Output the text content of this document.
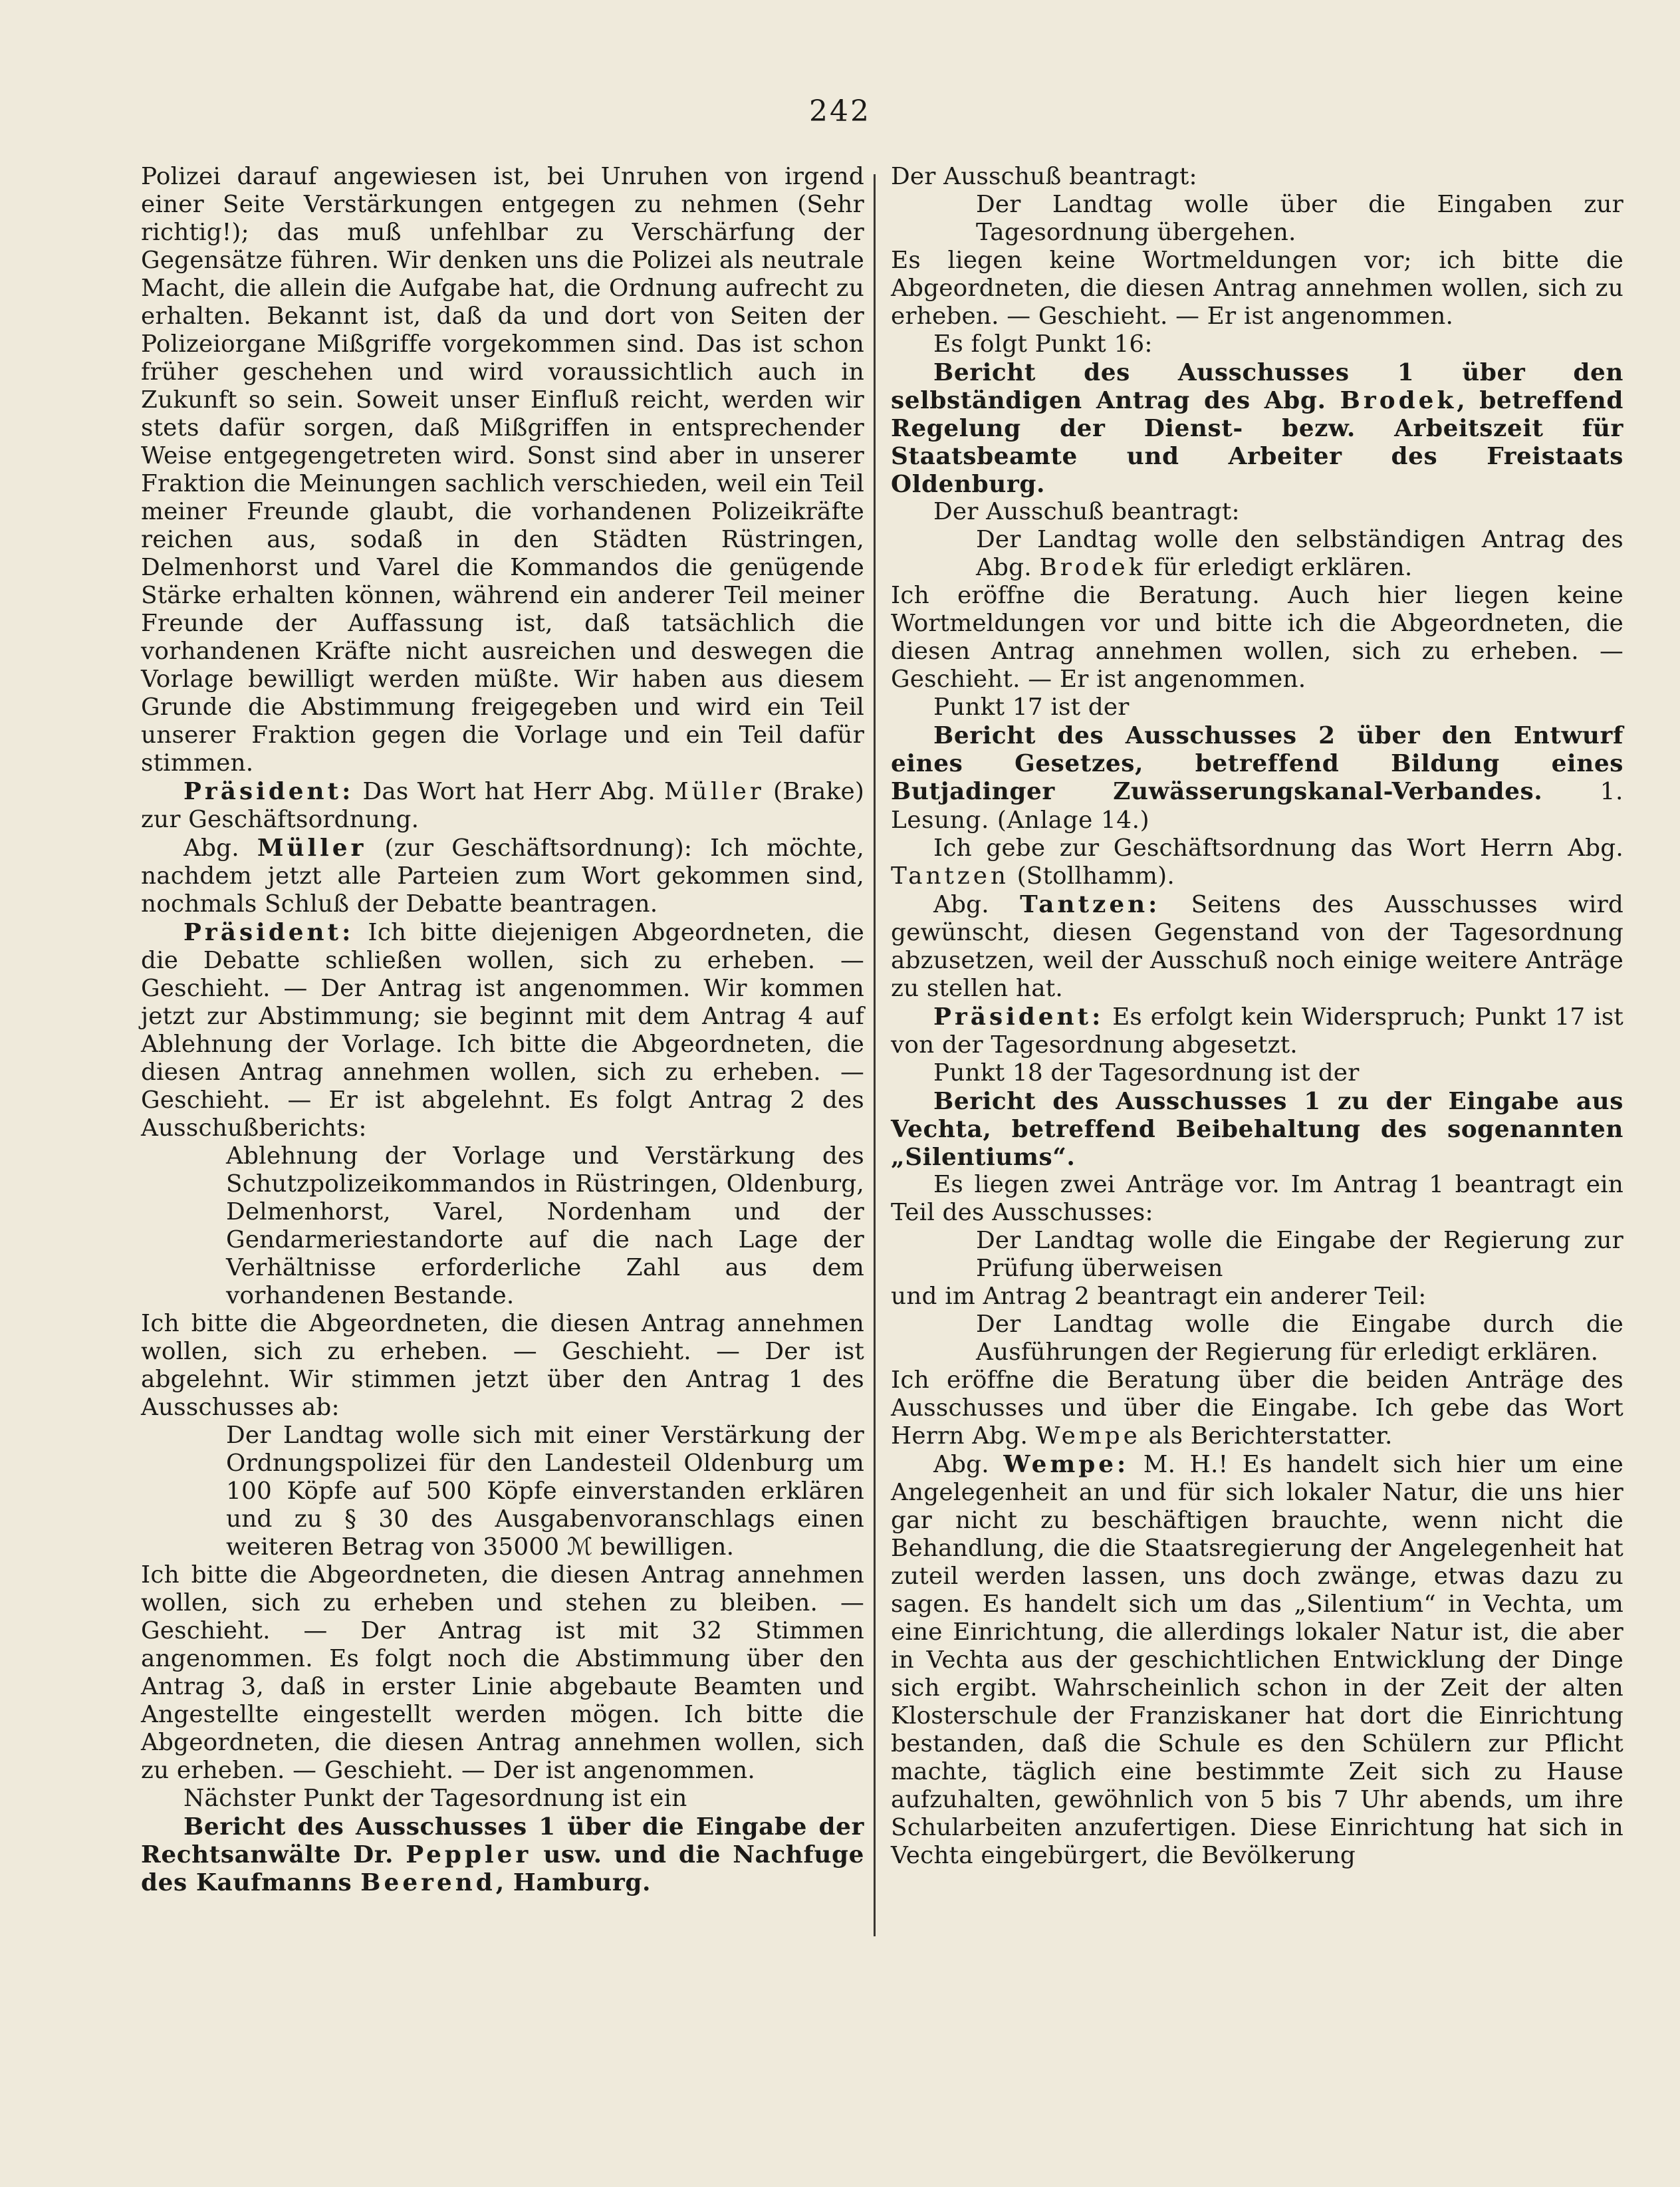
242

Polizei darauf angewiesen ist, bei Unruhen von irgend einer Seite Verstärkungen entgegen zu nehmen (Sehr richtig!); das muß unfehlbar zu Verschärfung der Gegensätze führen. Wir denken uns die Polizei als neutrale Macht, die allein die Aufgabe hat, die Ordnung aufrecht zu erhalten. Bekannt ist, daß da und dort von Seiten der Polizeiorgane Mißgriffe vorgekommen sind. Das ist schon früher geschehen und wird voraussichtlich auch in Zukunft so sein. Soweit unser Einfluß reicht, werden wir stets dafür sorgen, daß Mißgriffen in entsprechender Weise entgegengetreten wird. Sonst sind aber in unserer Fraktion die Meinungen sachlich verschieden, weil ein Teil meiner Freunde glaubt, die vorhandenen Polizeikräfte reichen aus, sodaß in den Städten Rüstringen, Delmenhorst und Varel die Kommandos die genügende Stärke erhalten können, während ein anderer Teil meiner Freunde der Auffassung ist, daß tatsächlich die vorhandenen Kräfte nicht ausreichen und deswegen die Vorlage bewilligt werden müßte. Wir haben aus diesem Grunde die Abstimmung freigegeben und wird ein Teil unserer Fraktion gegen die Vorlage und ein Teil dafür stimmen.

Präsident: Das Wort hat Herr Abg. Müller (Brake) zur Geschäftsordnung.

Abg. Müller (zur Geschäftsordnung): Ich möchte, nachdem jetzt alle Parteien zum Wort gekommen sind, nochmals Schluß der Debatte beantragen.

Präsident: Ich bitte diejenigen Abgeordneten, die die Debatte schließen wollen, sich zu erheben. — Geschieht. — Der Antrag ist angenommen. Wir kommen jetzt zur Abstimmung; sie beginnt mit dem Antrag 4 auf Ablehnung der Vorlage. Ich bitte die Abgeordneten, die diesen Antrag annehmen wollen, sich zu erheben. — Geschieht. — Er ist abgelehnt. Es folgt Antrag 2 des Ausschußberichts:

Ablehnung der Vorlage und Verstärkung des Schutzpolizeikommandos in Rüstringen, Oldenburg, Delmenhorst, Varel, Nordenham und der Gendarmeriestandorte auf die nach Lage der Verhältnisse erforderliche Zahl aus dem vorhandenen Bestande.

Ich bitte die Abgeordneten, die diesen Antrag annehmen wollen, sich zu erheben. — Geschieht. — Der ist abgelehnt. Wir stimmen jetzt über den Antrag 1 des Ausschusses ab:

Der Landtag wolle sich mit einer Verstärkung der Ordnungspolizei für den Landesteil Oldenburg um 100 Köpfe auf 500 Köpfe einverstanden erklären und zu § 30 des Ausgabenvoranschlags einen weiteren Betrag von 35000 ℳ bewilligen.

Ich bitte die Abgeordneten, die diesen Antrag annehmen wollen, sich zu erheben und stehen zu bleiben. — Geschieht. — Der Antrag ist mit 32 Stimmen angenommen. Es folgt noch die Abstimmung über den Antrag 3, daß in erster Linie abgebaute Beamten und Angestellte eingestellt werden mögen. Ich bitte die Abgeordneten, die diesen Antrag annehmen wollen, sich zu erheben. — Geschieht. — Der ist angenommen.

Nächster Punkt der Tagesordnung ist ein

Bericht des Ausschusses 1 über die Eingabe der Rechtsanwälte Dr. Peppler usw. und die Nachfuge des Kaufmanns Beerend, Hamburg.

Der Ausschuß beantragt:

Der Landtag wolle über die Eingaben zur Tagesordnung übergehen.

Es liegen keine Wortmeldungen vor; ich bitte die Abgeordneten, die diesen Antrag annehmen wollen, sich zu erheben. — Geschieht. — Er ist angenommen.

Es folgt Punkt 16:

Bericht des Ausschusses 1 über den selbständigen Antrag des Abg. Brodek, betreffend Regelung der Dienst- bezw. Arbeitszeit für Staatsbeamte und Arbeiter des Freistaats Oldenburg.

Der Ausschuß beantragt:

Der Landtag wolle den selbständigen Antrag des Abg. Brodek für erledigt erklären.

Ich eröffne die Beratung. Auch hier liegen keine Wortmeldungen vor und bitte ich die Abgeordneten, die diesen Antrag annehmen wollen, sich zu erheben. — Geschieht. — Er ist angenommen.

Punkt 17 ist der

Bericht des Ausschusses 2 über den Entwurf eines Gesetzes, betreffend Bildung eines Butjadinger Zuwässerungskanal-Verbandes. 1. Lesung. (Anlage 14.)

Ich gebe zur Geschäftsordnung das Wort Herrn Abg. Tantzen (Stollhamm).

Abg. Tantzen: Seitens des Ausschusses wird gewünscht, diesen Gegenstand von der Tagesordnung abzusetzen, weil der Ausschuß noch einige weitere Anträge zu stellen hat.

Präsident: Es erfolgt kein Widerspruch; Punkt 17 ist von der Tagesordnung abgesetzt.

Punkt 18 der Tagesordnung ist der

Bericht des Ausschusses 1 zu der Eingabe aus Vechta, betreffend Beibehaltung des sogenannten „Silentiums“.

Es liegen zwei Anträge vor. Im Antrag 1 beantragt ein Teil des Ausschusses:

Der Landtag wolle die Eingabe der Regierung zur Prüfung überweisen

und im Antrag 2 beantragt ein anderer Teil:

Der Landtag wolle die Eingabe durch die Ausführungen der Regierung für erledigt erklären.

Ich eröffne die Beratung über die beiden Anträge des Ausschusses und über die Eingabe. Ich gebe das Wort Herrn Abg. Wempe als Berichterstatter.

Abg. Wempe: M. H.! Es handelt sich hier um eine Angelegenheit an und für sich lokaler Natur, die uns hier gar nicht zu beschäftigen brauchte, wenn nicht die Behandlung, die die Staatsregierung der Angelegenheit hat zuteil werden lassen, uns doch zwänge, etwas dazu zu sagen. Es handelt sich um das „Silentium“ in Vechta, um eine Einrichtung, die allerdings lokaler Natur ist, die aber in Vechta aus der geschichtlichen Entwicklung der Dinge sich ergibt. Wahrscheinlich schon in der Zeit der alten Klosterschule der Franziskaner hat dort die Einrichtung bestanden, daß die Schule es den Schülern zur Pflicht machte, täglich eine bestimmte Zeit sich zu Hause aufzuhalten, gewöhnlich von 5 bis 7 Uhr abends, um ihre Schularbeiten anzufertigen. Diese Einrichtung hat sich in Vechta eingebürgert, die Bevölkerung
